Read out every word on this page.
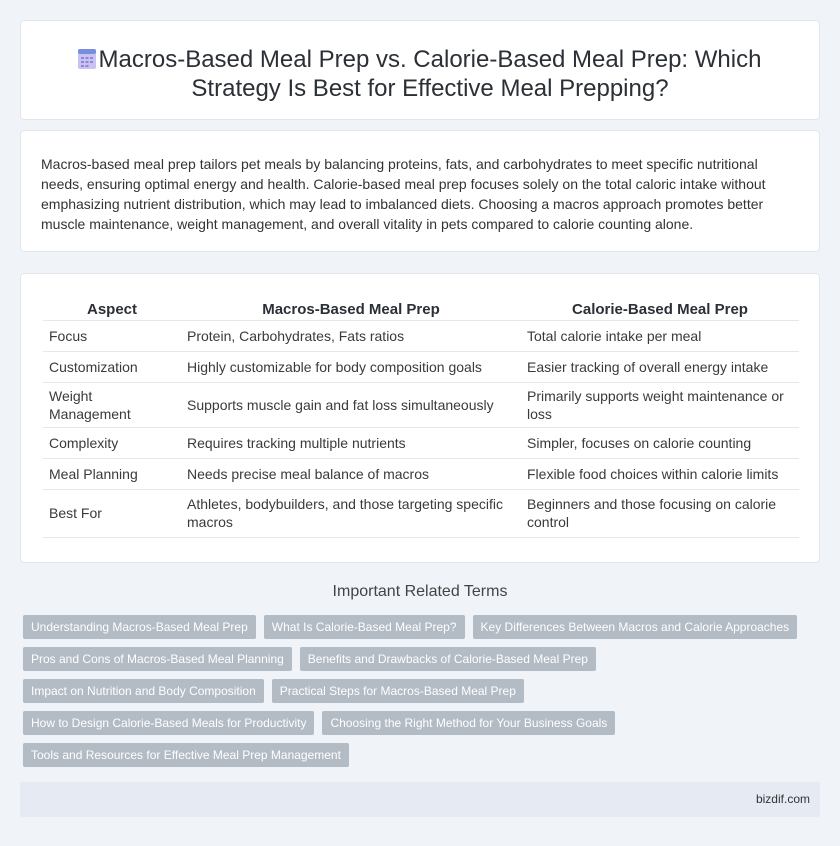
Macros-Based Meal Prep vs. Calorie-Based Meal Prep: Which Strategy Is Best for Effective Meal Prepping?

Macros-based meal prep tailors pet meals by balancing proteins, fats, and carbohydrates to meet specific nutritional needs, ensuring optimal energy and health. Calorie-based meal prep focuses solely on the total caloric intake without emphasizing nutrient distribution, which may lead to imbalanced diets. Choosing a macros approach promotes better muscle maintenance, weight management, and overall vitality in pets compared to calorie counting alone.

Aspect	Macros-Based Meal Prep	Calorie-Based Meal Prep
Focus	Protein, Carbohydrates, Fats ratios	Total calorie intake per meal
Customization	Highly customizable for body composition goals	Easier tracking of overall energy intake
Weight Management	Supports muscle gain and fat loss simultaneously	Primarily supports weight maintenance or loss
Complexity	Requires tracking multiple nutrients	Simpler, focuses on calorie counting
Meal Planning	Needs precise meal balance of macros	Flexible food choices within calorie limits
Best For	Athletes, bodybuilders, and those targeting specific macros	Beginners and those focusing on calorie control
Important Related Terms
Understanding Macros-Based Meal Prep	What Is Calorie-Based Meal Prep?	Key Differences Between Macros and Calorie Approaches
Pros and Cons of Macros-Based Meal Planning	Benefits and Drawbacks of Calorie-Based Meal Prep
Impact on Nutrition and Body Composition	Practical Steps for Macros-Based Meal Prep
How to Design Calorie-Based Meals for Productivity	Choosing the Right Method for Your Business Goals
Tools and Resources for Effective Meal Prep Management
bizdif.com
